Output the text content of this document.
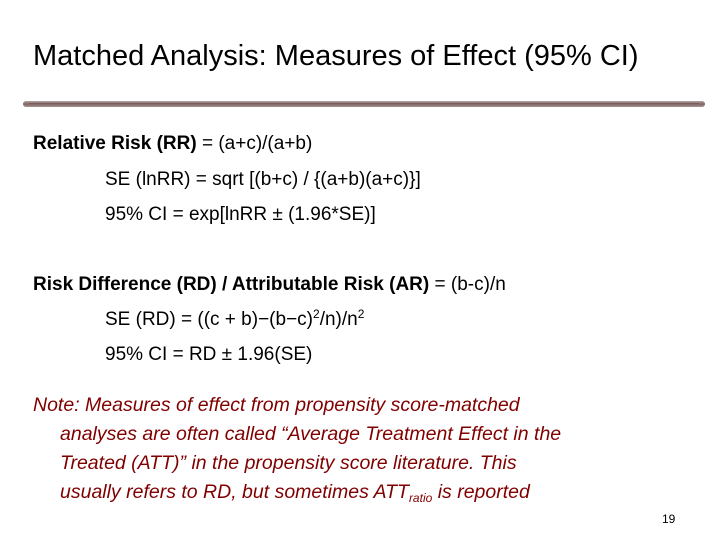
Matched Analysis: Measures of Effect (95% CI)
Relative Risk (RR) = (a+c)/(a+b)
SE (lnRR) = sqrt [(b+c) / {(a+b)(a+c)}]
95% CI = exp[lnRR ± (1.96*SE)]
Risk Difference (RD) / Attributable Risk (AR) = (b-c)/n
SE $(RD) = ((c + b)-(b-c)^2/n)/n^2$
95% CI = RD ± 1.96(SE)
Note: Measures of effect from propensity score-matched
analyses are often called “Average Treatment Effect in the
Treated (ATT)” in the propensity score literature. This
usually refers to RD, but sometimes $ATT_{ratio}$ is reported
19
